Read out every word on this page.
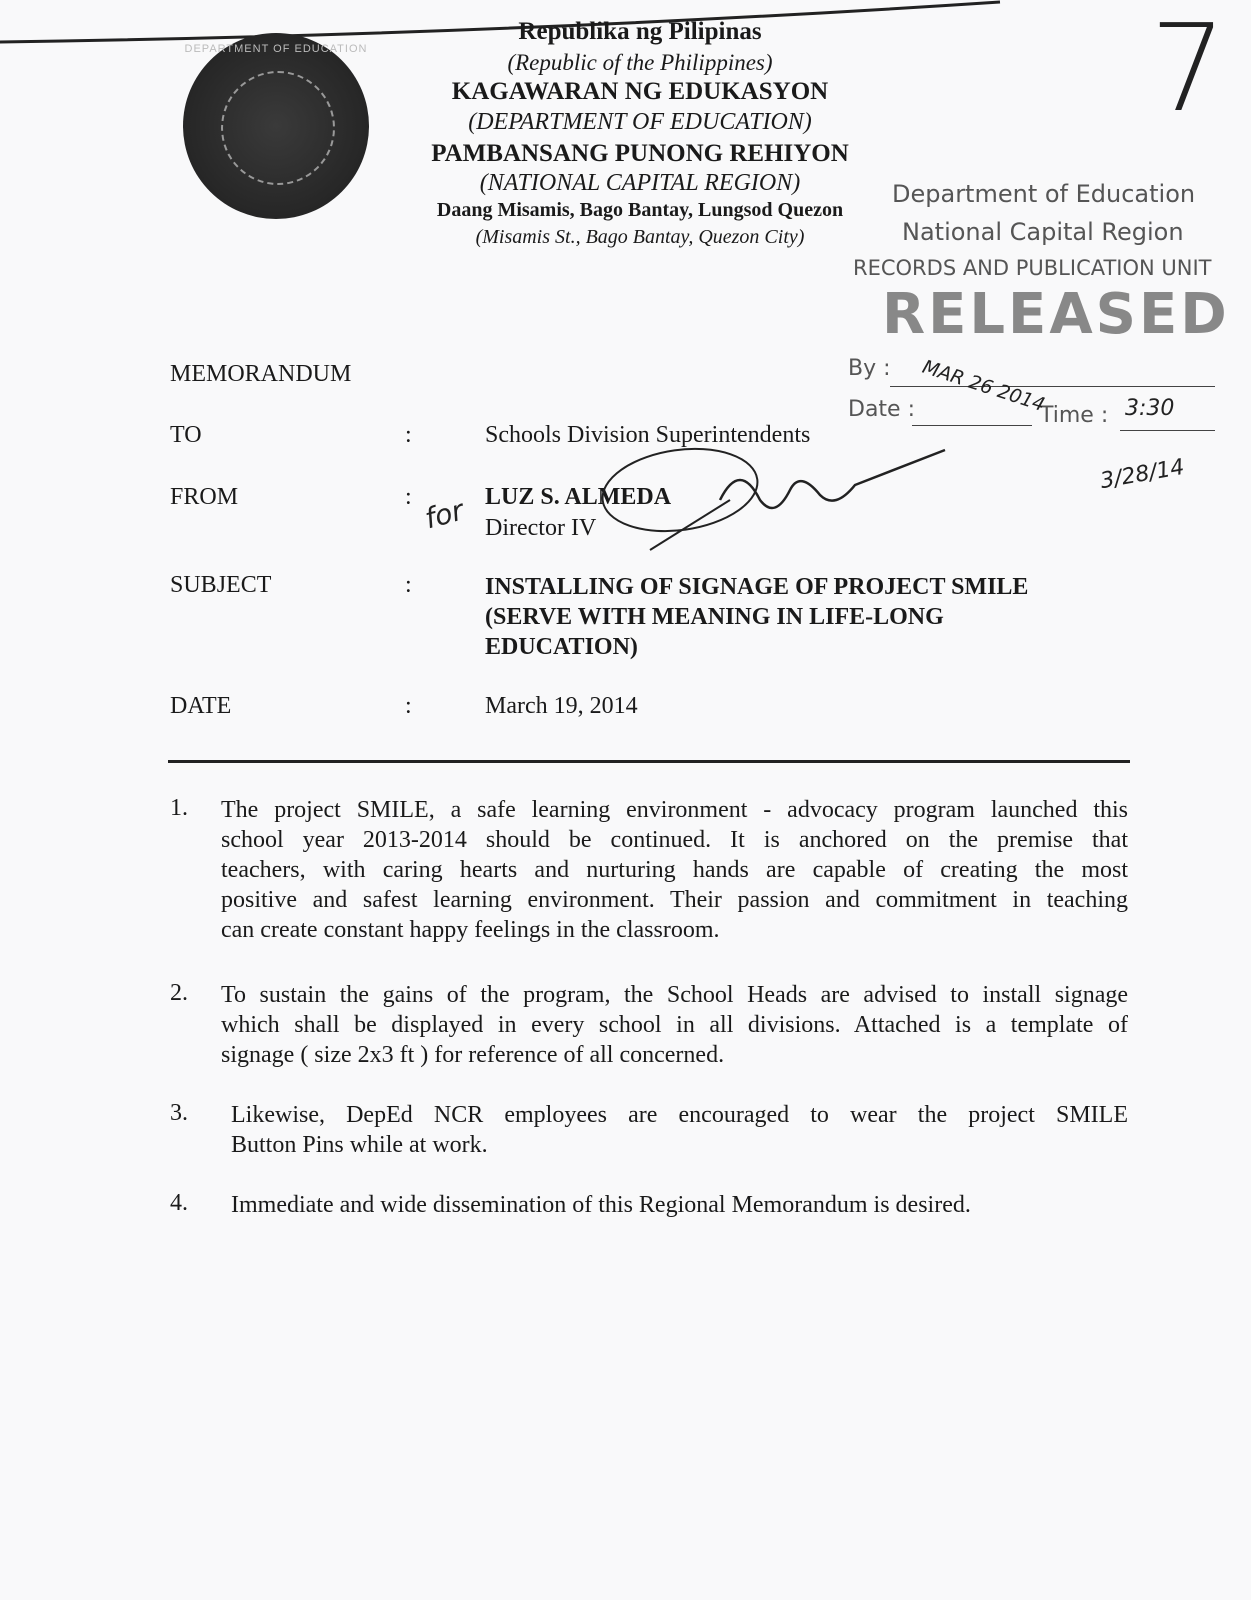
DEPARTMENT OF EDUCATION
Republika ng Pilipinas
(Republic of the Philippines)
KAGAWARAN NG EDUKASYON
(DEPARTMENT OF EDUCATION)
PAMBANSANG PUNONG REHIYON
(NATIONAL CAPITAL REGION)
Daang Misamis, Bago Bantay, Lungsod Quezon
(Misamis St., Bago Bantay, Quezon City)
7
Department of Education
National Capital Region
RECORDS AND PUBLICATION UNIT
RELEASED
By :
Date :	Time :
MAR 26 2014	3:30
3/28/14
MEMORANDUM
TO	:	Schools Division Superintendents
FROM	:	LUZ S. ALMEDA
Director IV
for
SUBJECT	:	INSTALLING OF SIGNAGE OF PROJECT SMILE
(SERVE WITH MEANING IN LIFE-LONG
EDUCATION)
DATE	:	March 19, 2014
1. The project SMILE, a safe learning environment - advocacy program launched this
school year 2013-2014 should be continued. It is anchored on the premise that
teachers, with caring hearts and nurturing hands are capable of creating the most
positive and safest learning environment. Their passion and commitment in teaching
can create constant happy feelings in the classroom.
2. To sustain the gains of the program, the School Heads are advised to install signage
which shall be displayed in every school in all divisions. Attached is a template of
signage ( size 2x3 ft ) for reference of all concerned.
3. Likewise, DepEd NCR employees are encouraged to wear the project SMILE
Button Pins while at work.
4. Immediate and wide dissemination of this Regional Memorandum is desired.
